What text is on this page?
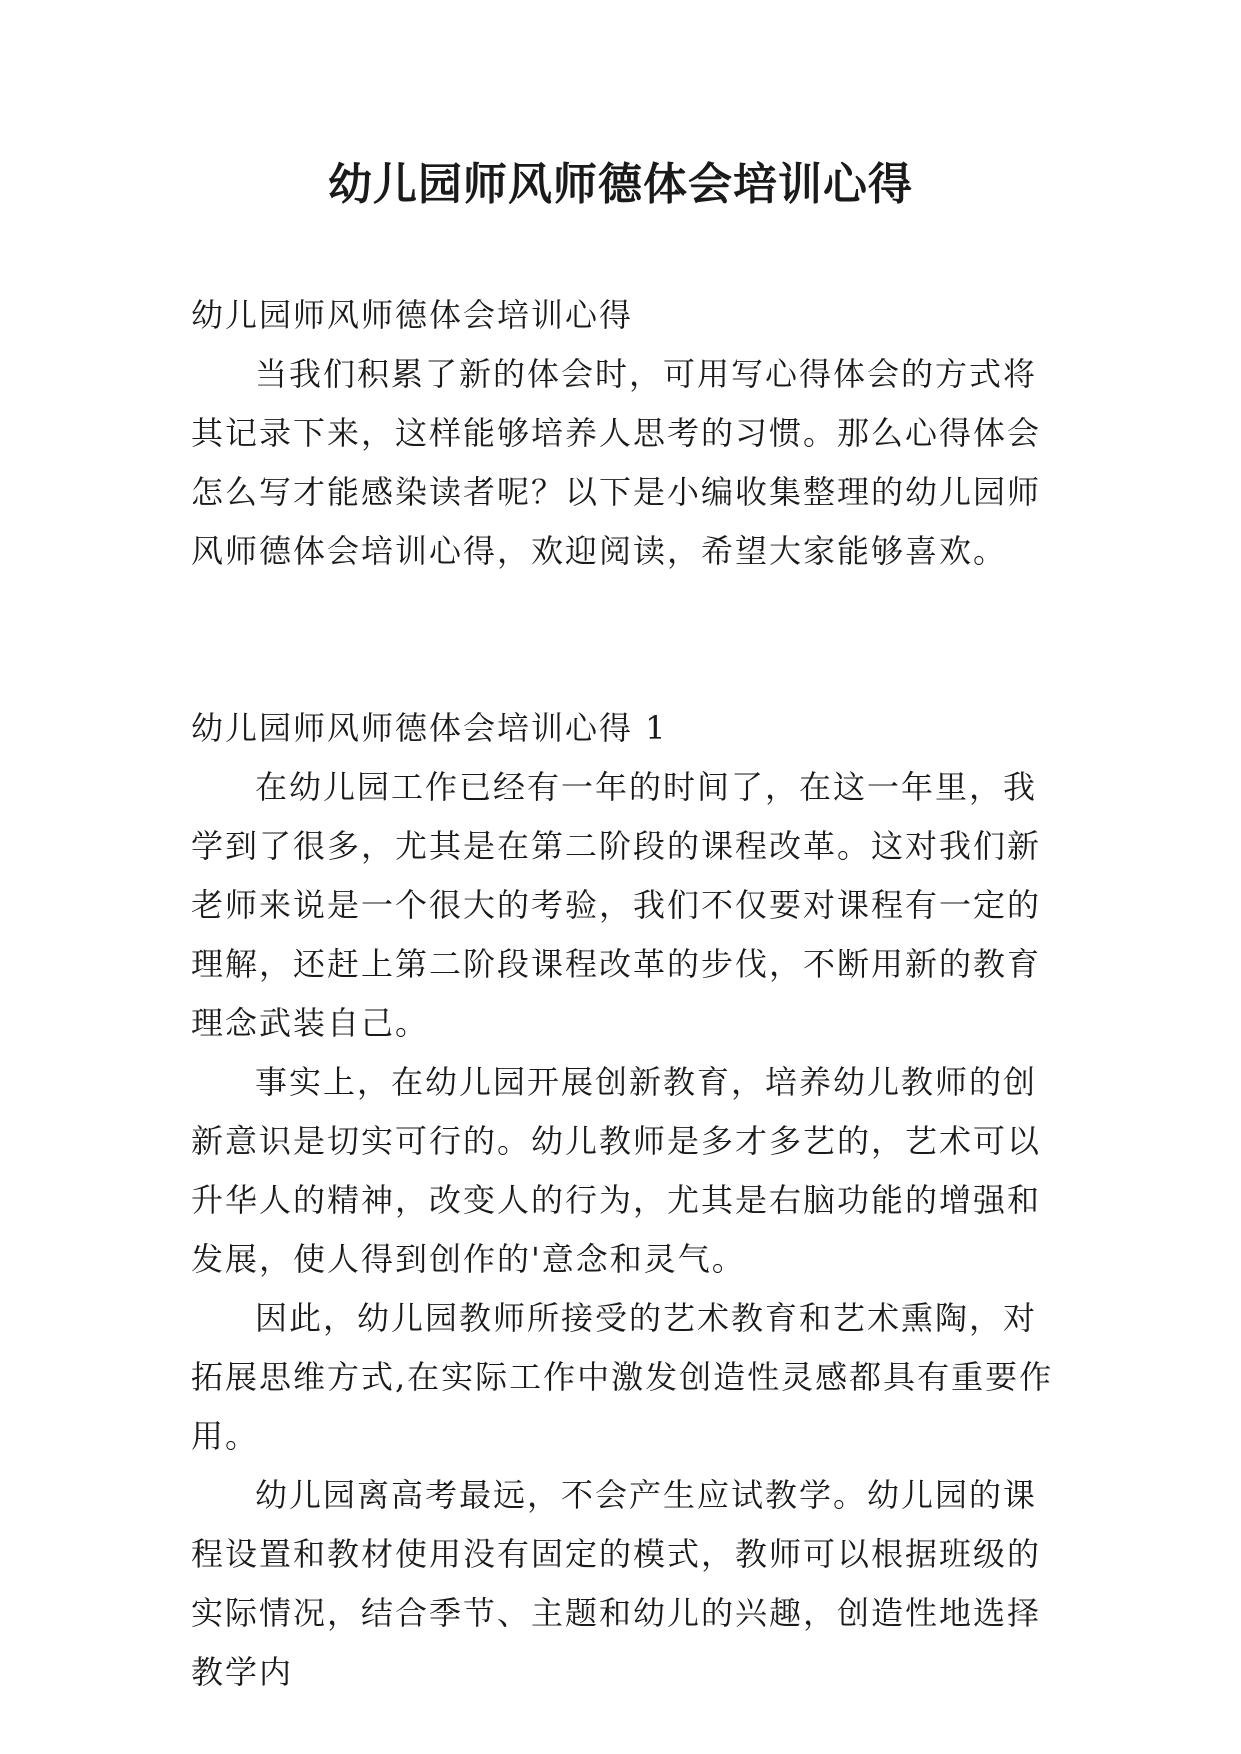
幼儿园师风师德体会培训心得

幼儿园师风师德体会培训心得

当我们积累了新的体会时，可用写心得体会的方式将其记录下来，这样能够培养人思考的习惯。那么心得体会怎么写才能感染读者呢？以下是小编收集整理的幼儿园师风师德体会培训心得，欢迎阅读，希望大家能够喜欢。

幼儿园师风师德体会培训心得 1

在幼儿园工作已经有一年的时间了，在这一年里，我学到了很多，尤其是在第二阶段的课程改革。这对我们新老师来说是一个很大的考验，我们不仅要对课程有一定的理解，还赶上第二阶段课程改革的步伐，不断用新的教育理念武装自己。

事实上，在幼儿园开展创新教育，培养幼儿教师的创新意识是切实可行的。幼儿教师是多才多艺的，艺术可以升华人的精神，改变人的行为，尤其是右脑功能的增强和发展，使人得到创作的'意念和灵气。

因此，幼儿园教师所接受的艺术教育和艺术熏陶，对拓展思维方式,在实际工作中激发创造性灵感都具有重要作用。

幼儿园离高考最远，不会产生应试教学。幼儿园的课程设置和教材使用没有固定的模式，教师可以根据班级的实际情况，结合季节、主题和幼儿的兴趣，创造性地选择教学内
